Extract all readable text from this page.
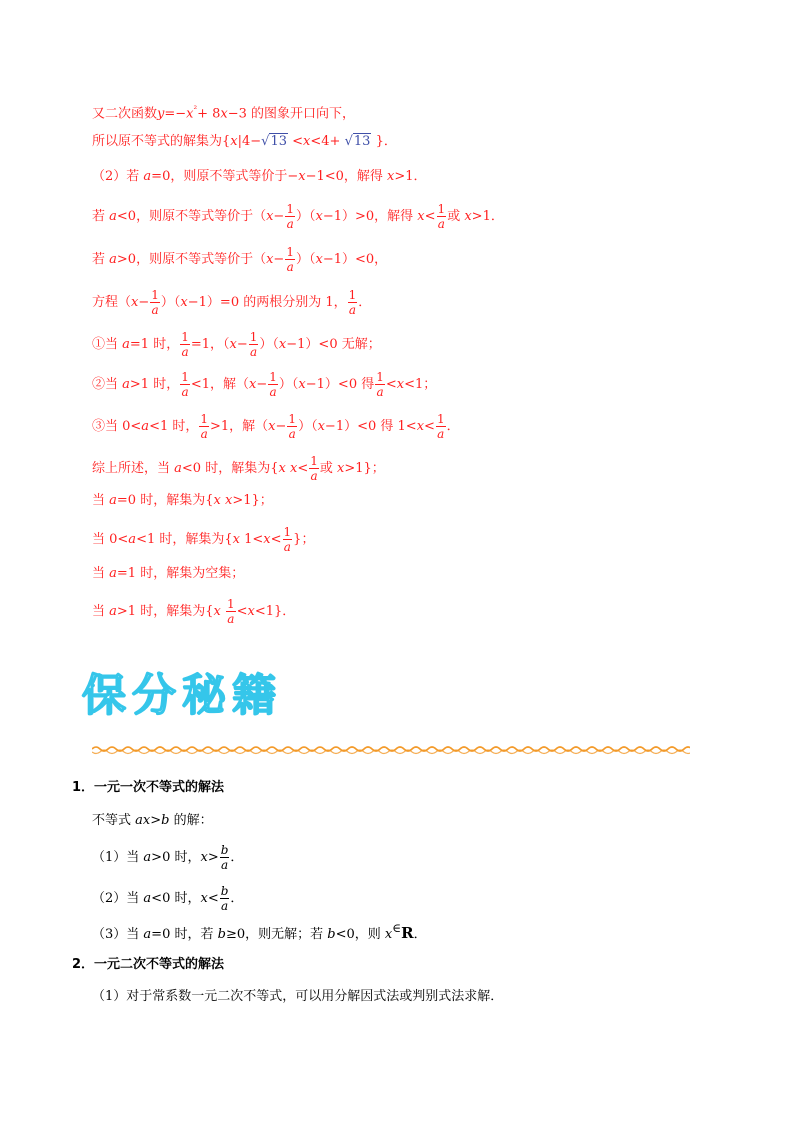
又二次函数$y=-x^{^2}+ 8x-3$ 的图象开口向下，
所以原不等式的解集为{x|4−√13 <x<4+ √13 }．
（2）若 a=0，则原不等式等价于−x−1<0，解得 x>1．
若 a<0，则原不等式等价于$(x- \frac{1}{a} )(x-1)>0$，解得 $x< \frac{1}{a}$ 或 x>1．
若 a>0，则原不等式等价于$(x- \frac{1}{a} )(x-1)<0$，
方程$(x- \frac{1}{a} )(x-1)=0$ 的两根分别为 1， $\frac{1}{a}$ ．
①当 a=1 时， $\frac{1}{a} =1$，$(x- \frac{1}{a} )(x-1)<0$ 无解；
②当 a>1 时， $\frac{1}{a} <1$，解$(x- \frac{1}{a} )(x-1)<0$ 得 $\frac{1}{a} <x<1$；
③当 0<a<1 时， $\frac{1}{a} >1$，解$(x- \frac{1}{a} )(x-1)<0$ 得 $1<x< \frac{1}{a}$ ．
综上所述，当 a<0 时，解集为{x $x< \frac{1}{a}$ 或 x>1}；
当 a=0 时，解集为{x x>1}；
当 0<a<1 时，解集为{x $1<x< \frac{1}{a}$ }；
当 a=1 时，解集为空集；
当 a>1 时，解集为$\{x \frac{1}{a} <x<1\}$．
保分秘籍
1．一元一次不等式的解法
不等式 ax>b 的解：
（1）当 a>0 时，$x> \frac{b}{a}$ ．
（2）当 a<0 时，$x< \frac{b}{a}$ ．
（3）当 a=0 时，若 b≥0，则无解；若 b<0，则 x∈R．
2．一元二次不等式的解法
（1）对于常系数一元二次不等式，可以用分解因式法或判别式法求解．
